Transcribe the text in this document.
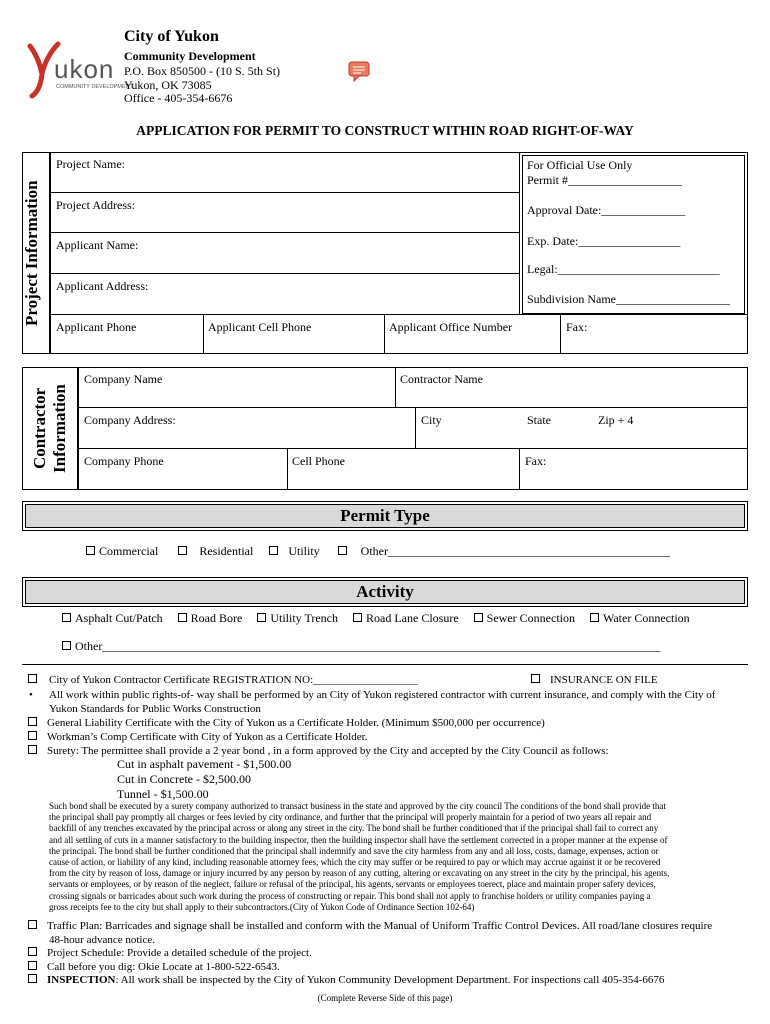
ukon
COMMUNITY DEVELOPMENT
City of Yukon
Community Development
P.O. Box 850500 - (10 S. 5th St)
Yukon, OK 73085
Office - 405-354-6676
APPLICATION FOR PERMIT TO CONSTRUCT WITHIN ROAD RIGHT-OF-WAY
Project Information
Project Name:
Project Address:
Applicant Name:
Applicant Address:
Applicant Phone	Applicant Cell Phone	Applicant Office Number	Fax:
For Official Use Only
Permit #___________________
Approval Date:______________
Exp. Date:_________________
Legal:___________________________
Subdivision Name___________________
Contractor Information
Company Name	Contractor Name
Company Address:	City	State	Zip + 4
Company Phone	Cell Phone	Fax:
Permit Type
Commercial	Residential	Utility	Other_______________________________________________
Activity
Asphalt Cut/Patch Road Bore Utility Trench Road Lane Closure Sewer Connection Water Connection
Other_____________________________________________________________________________________________
City of Yukon Contractor Certificate REGISTRATION NO:___________________	INSURANCE ON FILE
• All work within public rights-of- way shall be performed by an City of Yukon registered contractor with current insurance, and comply with the City of
Yukon Standards for Public Works Construction
General Liability Certificate with the City of Yukon as a Certificate Holder. (Minimum $500,000 per occurrence)
Workman’s Comp Certificate with City of Yukon as a Certificate Holder.
Surety: The permittee shall provide a 2 year bond , in a form approved by the City and accepted by the City Council as follows:
Cut in asphalt pavement - $1,500.00
Cut in Concrete - $2,500.00
Tunnel - $1,500.00
Such bond shall be executed by a surety company authorized to transact business in the state and approved by the city council The conditions of the bond shall provide that
the principal shall pay promptly all charges or fees levied by city ordinance, and further that the principal will properly maintain for a period of two years all repair and
backfill of any trenches excavated by the principal across or along any street in the city. The bond shall be further conditioned that if the principal shall fail to correct any
and all settling of cuts in a manner satisfactory to the building inspector, then the building inspector shall have the settlement corrected in a proper manner at the expense of
the principal. The bond shall be further conditioned that the principal shall indemnify and save the city harmless from any and all loss, costs, damage, expenses, action or
cause of action, or liability of any kind, including reasonable attorney fees, which the city may suffer or be required to pay or which may accrue against it or be recovered
from the city by reason of loss, damage or injury incurred by any person by reason of any cutting, altering or excavating on any street in the city by the principal, his agents,
servants or employees, or by reason of the neglect, failure or refusal of the principal, his agents, servants or employees toerect, place and maintain proper safety devices,
crossing signals or barricades about such work during the process of constructing or repair. This bond shall not apply to franchise holders or utility companies paying a
gross receipts fee to the city but shall apply to their subcontractors.(City of Yukon Code of Ordinance Section 102-64)
Traffic Plan: Barricades and signage shall be installed and conform with the Manual of Uniform Traffic Control Devices. All road/lane closures require
48-hour advance notice.
Project Schedule: Provide a detailed schedule of the project.
Call before you dig: Okie Locate at 1-800-522-6543.
INSPECTION: All work shall be inspected by the City of Yukon Community Development Department. For inspections call 405-354-6676
(Complete Reverse Side of this page)
